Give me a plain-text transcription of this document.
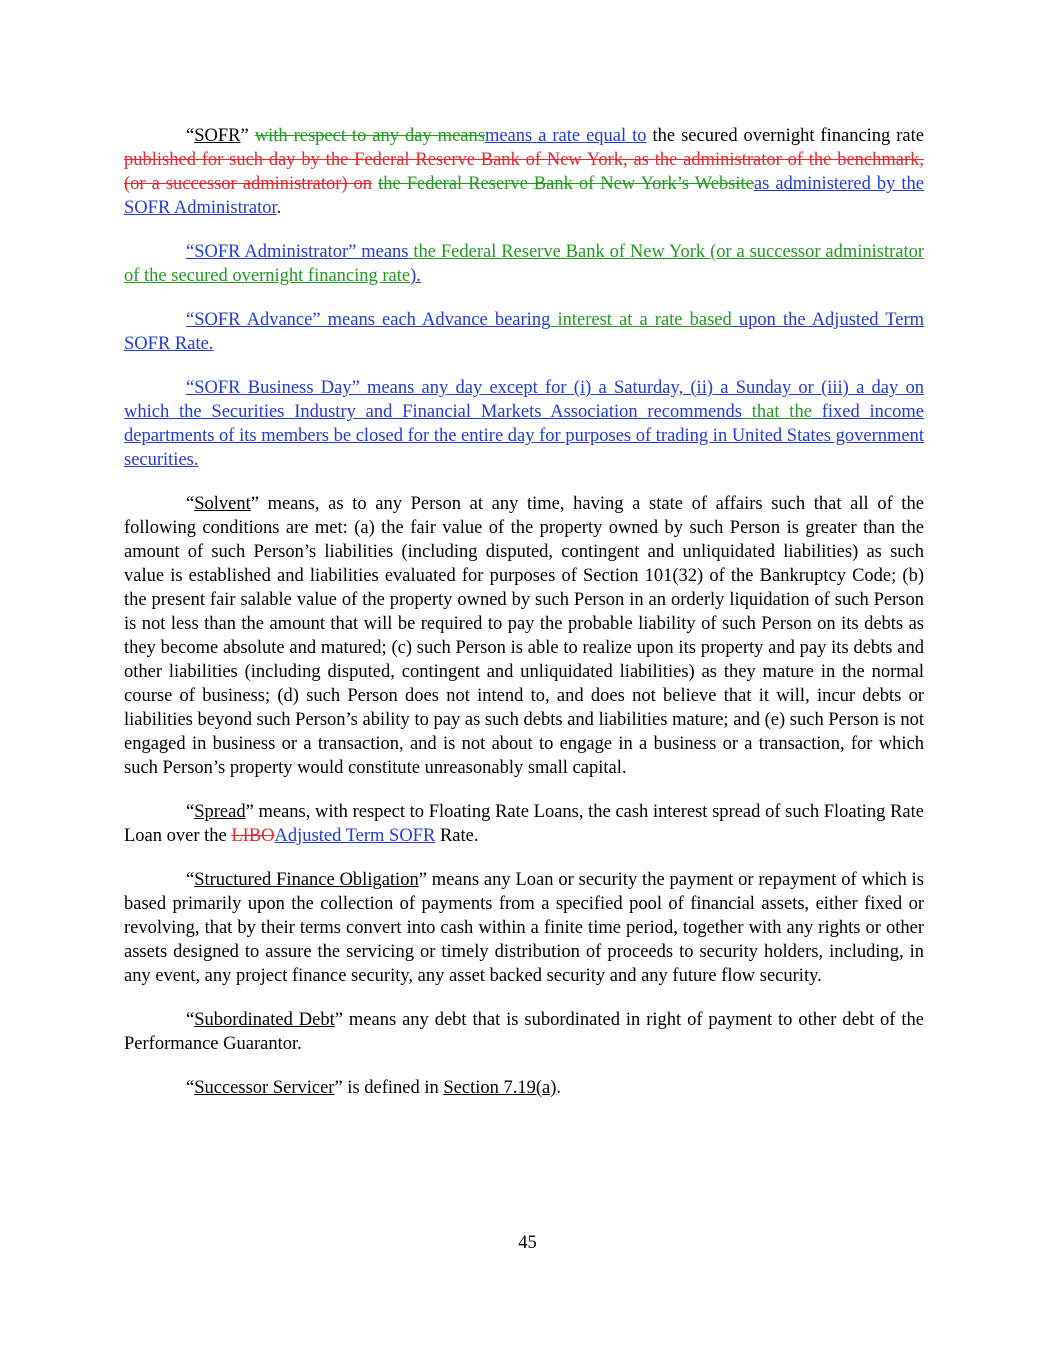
“SOFR” with respect to any day meansmeans a rate equal to the secured overnight financing rate published for such day by the Federal Reserve Bank of New York, as the administrator of the benchmark, (or a successor administrator) on the Federal Reserve Bank of New York’s Websiteas administered by the SOFR Administrator.

“SOFR Administrator” means the Federal Reserve Bank of New York (or a successor administrator of the secured overnight financing rate).

“SOFR Advance” means each Advance bearing interest at a rate based upon the Adjusted Term SOFR Rate.

“SOFR Business Day” means any day except for (i) a Saturday, (ii) a Sunday or (iii) a day on which the Securities Industry and Financial Markets Association recommends that the fixed income departments of its members be closed for the entire day for purposes of trading in United States government securities.

“Solvent” means, as to any Person at any time, having a state of affairs such that all of the following conditions are met: (a) the fair value of the property owned by such Person is greater than the amount of such Person’s liabilities (including disputed, contingent and unliquidated liabilities) as such value is established and liabilities evaluated for purposes of Section 101(32) of the Bankruptcy Code; (b) the present fair salable value of the property owned by such Person in an orderly liquidation of such Person is not less than the amount that will be required to pay the probable liability of such Person on its debts as they become absolute and matured; (c) such Person is able to realize upon its property and pay its debts and other liabilities (including disputed, contingent and unliquidated liabilities) as they mature in the normal course of business; (d) such Person does not intend to, and does not believe that it will, incur debts or liabilities beyond such Person’s ability to pay as such debts and liabilities mature; and (e) such Person is not engaged in business or a transaction, and is not about to engage in a business or a transaction, for which such Person’s property would constitute unreasonably small capital.

“Spread” means, with respect to Floating Rate Loans, the cash interest spread of such Floating Rate Loan over the LIBOAdjusted Term SOFR Rate.

“Structured Finance Obligation” means any Loan or security the payment or repayment of which is based primarily upon the collection of payments from a specified pool of financial assets, either fixed or revolving, that by their terms convert into cash within a finite time period, together with any rights or other assets designed to assure the servicing or timely distribution of proceeds to security holders, including, in any event, any project finance security, any asset backed security and any future flow security.

“Subordinated Debt” means any debt that is subordinated in right of payment to other debt of the Performance Guarantor.

“Successor Servicer” is defined in Section 7.19(a).

45
